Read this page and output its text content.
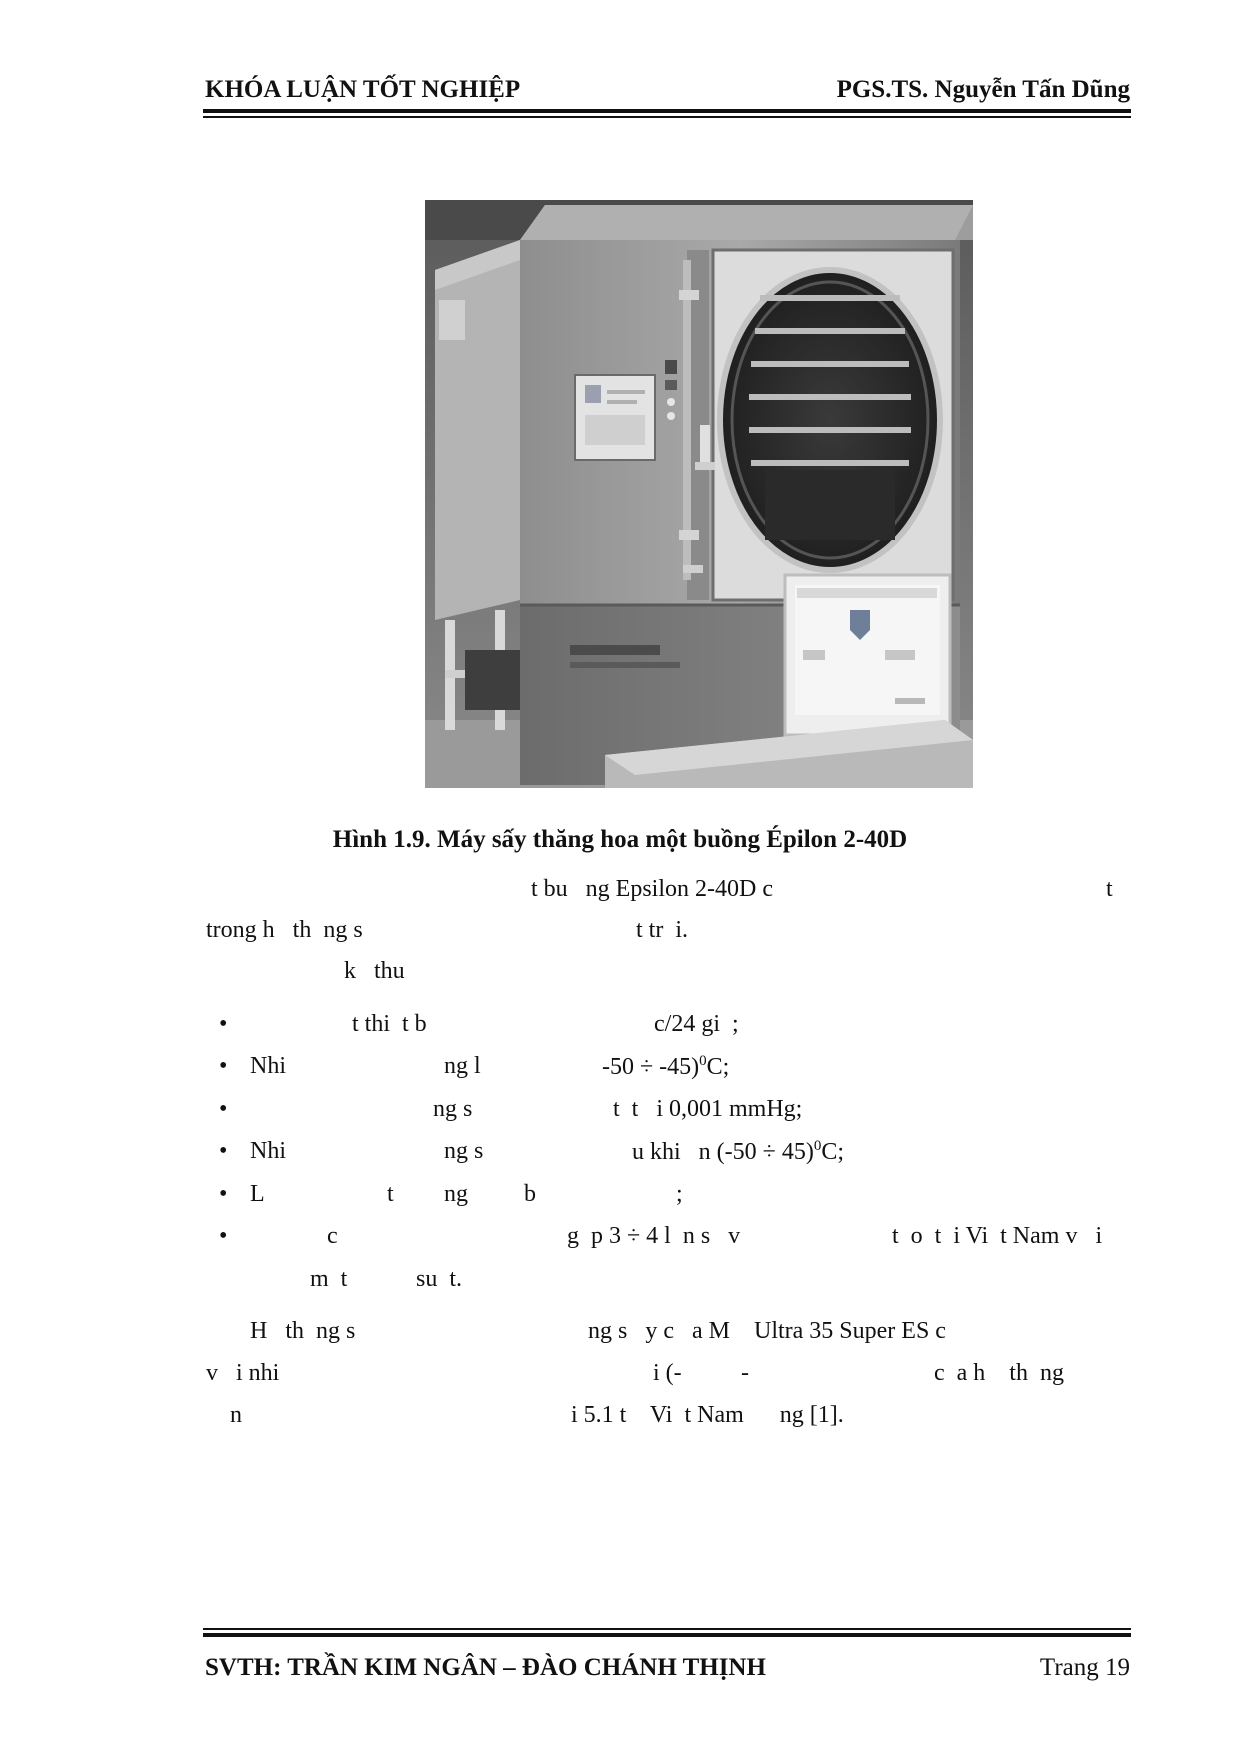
KHÓA LUẬN TỐT NGHIỆP	PGS.TS. Nguyễn Tấn Dũng
Hình 1.9. Máy sấy thăng hoa một buồng Épilon 2-40D
t bu   ng Epsilon 2-40D c	t
trong h   th  ng s	t tr  i.
k   thu
•	t thi  t b	c/24 gi  ;
• Nhi	ng l	-50 ÷ -45)$^0$C;
•	ng s	t  t   i 0,001 mmHg;
• Nhi	ng s	u khi   n $(-50 \div 45)^0C$;
• L	t ng b	;
•	c	g  p 3 ÷ 4 l  n s   v	t  o  t  i Vi  t Nam v   i
m  t	su  t.
H   th  ng s	ng s   y c   a M    Ultra 35 Super ES c
v   i nhi	i (- -	c  a h    th  ng
n	i 5.1 t    Vi  t Nam      ng [1].
SVTH: TRẦN KIM NGÂN – ĐÀO CHÁNH THỊNH	Trang 19
